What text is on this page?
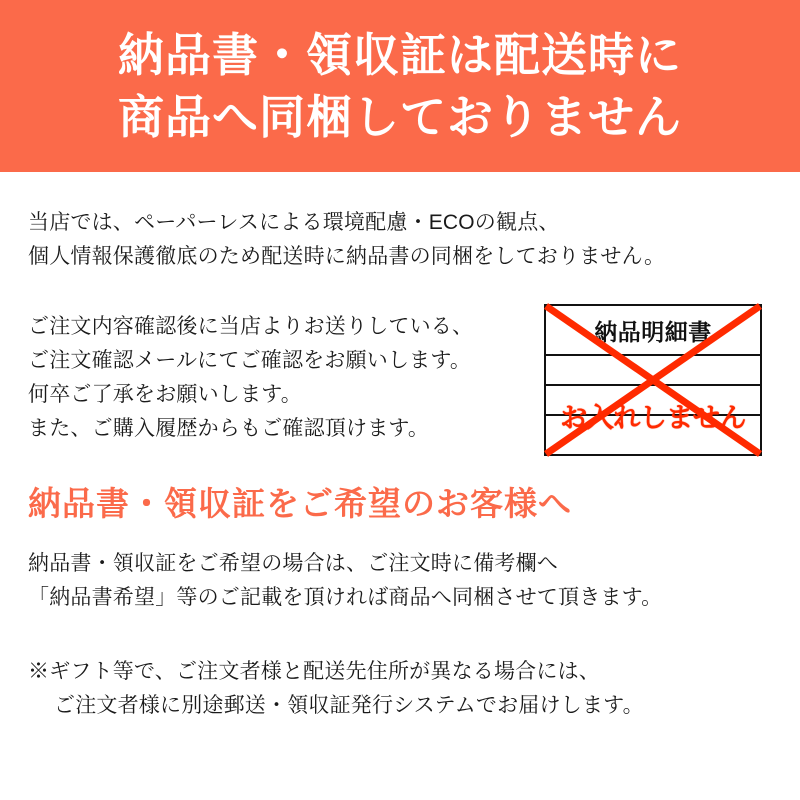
納品書・領収証は配送時に
商品へ同梱しておりません
当店では、ペーパーレスによる環境配慮・ECOの観点、
個人情報保護徹底のため配送時に納品書の同梱をしておりません。
ご注文内容確認後に当店よりお送りしている、
ご注文確認メールにてご確認をお願いします。
何卒ご了承をお願いします。
また、ご購入履歴からもご確認頂けます。
納品明細書
お入れしません
納品書・領収証をご希望のお客様へ
納品書・領収証をご希望の場合は、ご注文時に備考欄へ
「納品書希望」等のご記載を頂ければ商品へ同梱させて頂きます。
※ギフト等で、ご注文者様と配送先住所が異なる場合には、
ご注文者様に別途郵送・領収証発行システムでお届けします。
